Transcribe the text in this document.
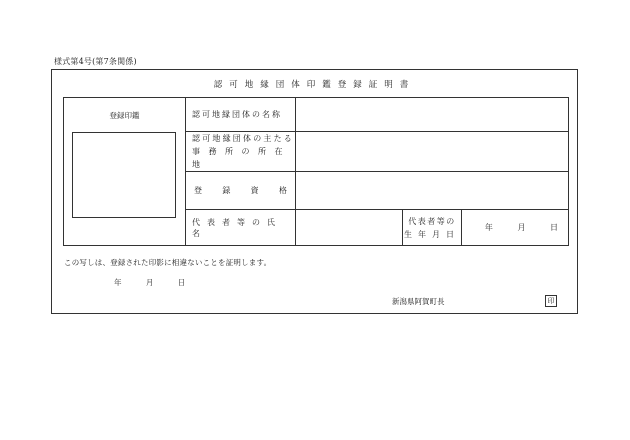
様式第4号(第7条関係)
認可地縁団体印鑑登録証明書
登録印鑑	認可地縁団体の名称			

	認可地縁団体の主たる
事務所の所在地			

	登 録 資 格			

	代表者等の氏名		代表者等の
生年月日	年 月 日
この写しは、登録された印影に相違ないことを証明します。
年	月	日
新潟県阿賀町長	印
